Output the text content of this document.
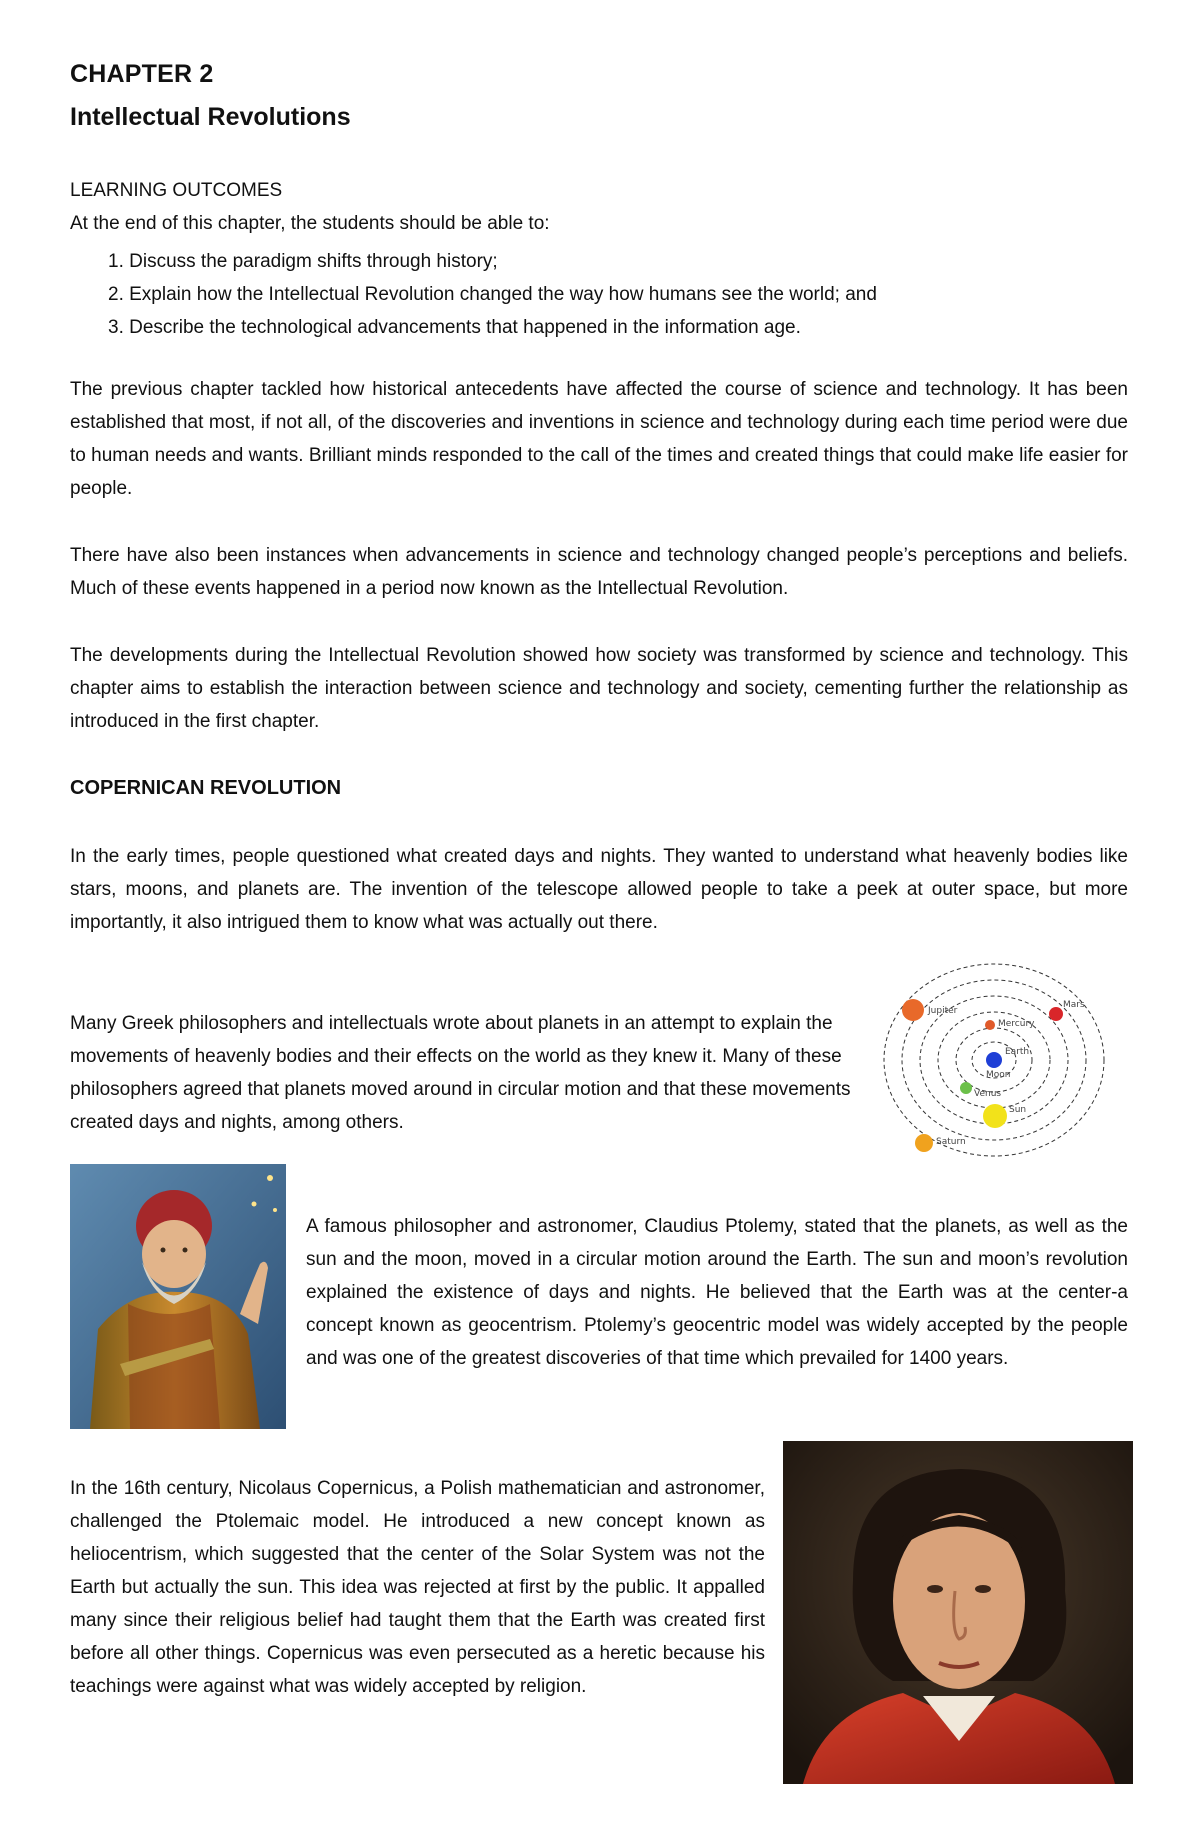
CHAPTER 2
Intellectual Revolutions
LEARNING OUTCOMES
At the end of this chapter, the students should be able to:
1. Discuss the paradigm shifts through history;
2. Explain how the Intellectual Revolution changed the way how humans see the world; and
3. Describe the technological advancements that happened in the information age.

The previous chapter tackled how historical antecedents have affected the course of science and technology. It has been established that most, if not all, of the discoveries and inventions in science and technology during each time period were due to human needs and wants. Brilliant minds responded to the call of the times and created things that could make life easier for people.

There have also been instances when advancements in science and technology changed people’s perceptions and beliefs. Much of these events happened in a period now known as the Intellectual Revolution.

The developments during the Intellectual Revolution showed how society was transformed by science and technology. This chapter aims to establish the interaction between science and technology and society, cementing further the relationship as introduced in the first chapter.

COPERNICAN REVOLUTION

In the early times, people questioned what created days and nights. They wanted to understand what heavenly bodies like stars, moons, and planets are. The invention of the telescope allowed people to take a peek at outer space, but more importantly, it also intrigued them to know what was actually out there.

Many Greek philosophers and intellectuals wrote about planets in an attempt to explain the movements of heavenly bodies and their effects on the world as they knew it. Many of these philosophers agreed that planets moved around in circular motion and that these movements created days and nights, among others.

Jupiter
Mars
Mercury
Earth
Moon
Venus
Sun
Saturn

A famous philosopher and astronomer, Claudius Ptolemy, stated that the planets, as well as the sun and the moon, moved in a circular motion around the Earth. The sun and moon’s revolution explained the existence of days and nights. He believed that the Earth was at the center-a concept known as geocentrism. Ptolemy’s geocentric model was widely accepted by the people and was one of the greatest discoveries of that time which prevailed for 1400 years.

In the 16th century, Nicolaus Copernicus, a Polish mathematician and astronomer, challenged the Ptolemaic model. He introduced a new concept known as heliocentrism, which suggested that the center of the Solar System was not the Earth but actually the sun. This idea was rejected at first by the public. It appalled many since their religious belief had taught them that the Earth was created first before all other things. Copernicus was even persecuted as a heretic because his teachings were against what was widely accepted by religion.
